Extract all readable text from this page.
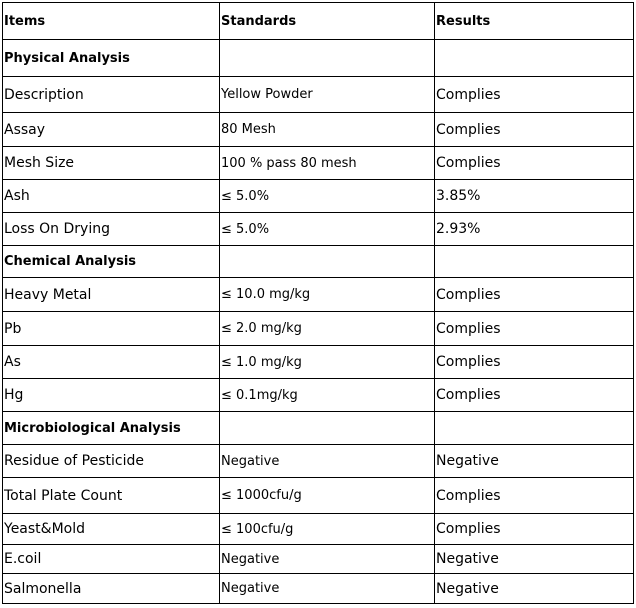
Items	Standards	Results
Physical Analysis		
Description	Yellow Powder	Complies
Assay	80 Mesh	Complies
Mesh Size	100 % pass 80 mesh	Complies
Ash	≤ 5.0%	3.85%
Loss On Drying	≤ 5.0%	2.93%
Chemical Analysis		
Heavy Metal	≤ 10.0 mg/kg	Complies
Pb	≤ 2.0 mg/kg	Complies
As	≤ 1.0 mg/kg	Complies
Hg	≤ 0.1mg/kg	Complies
Microbiological Analysis		
Residue of Pesticide	Negative	Negative
Total Plate Count	≤ 1000cfu/g	Complies
Yeast&Mold	≤ 100cfu/g	Complies
E.coil	Negative	Negative
Salmonella	Negative	Negative
